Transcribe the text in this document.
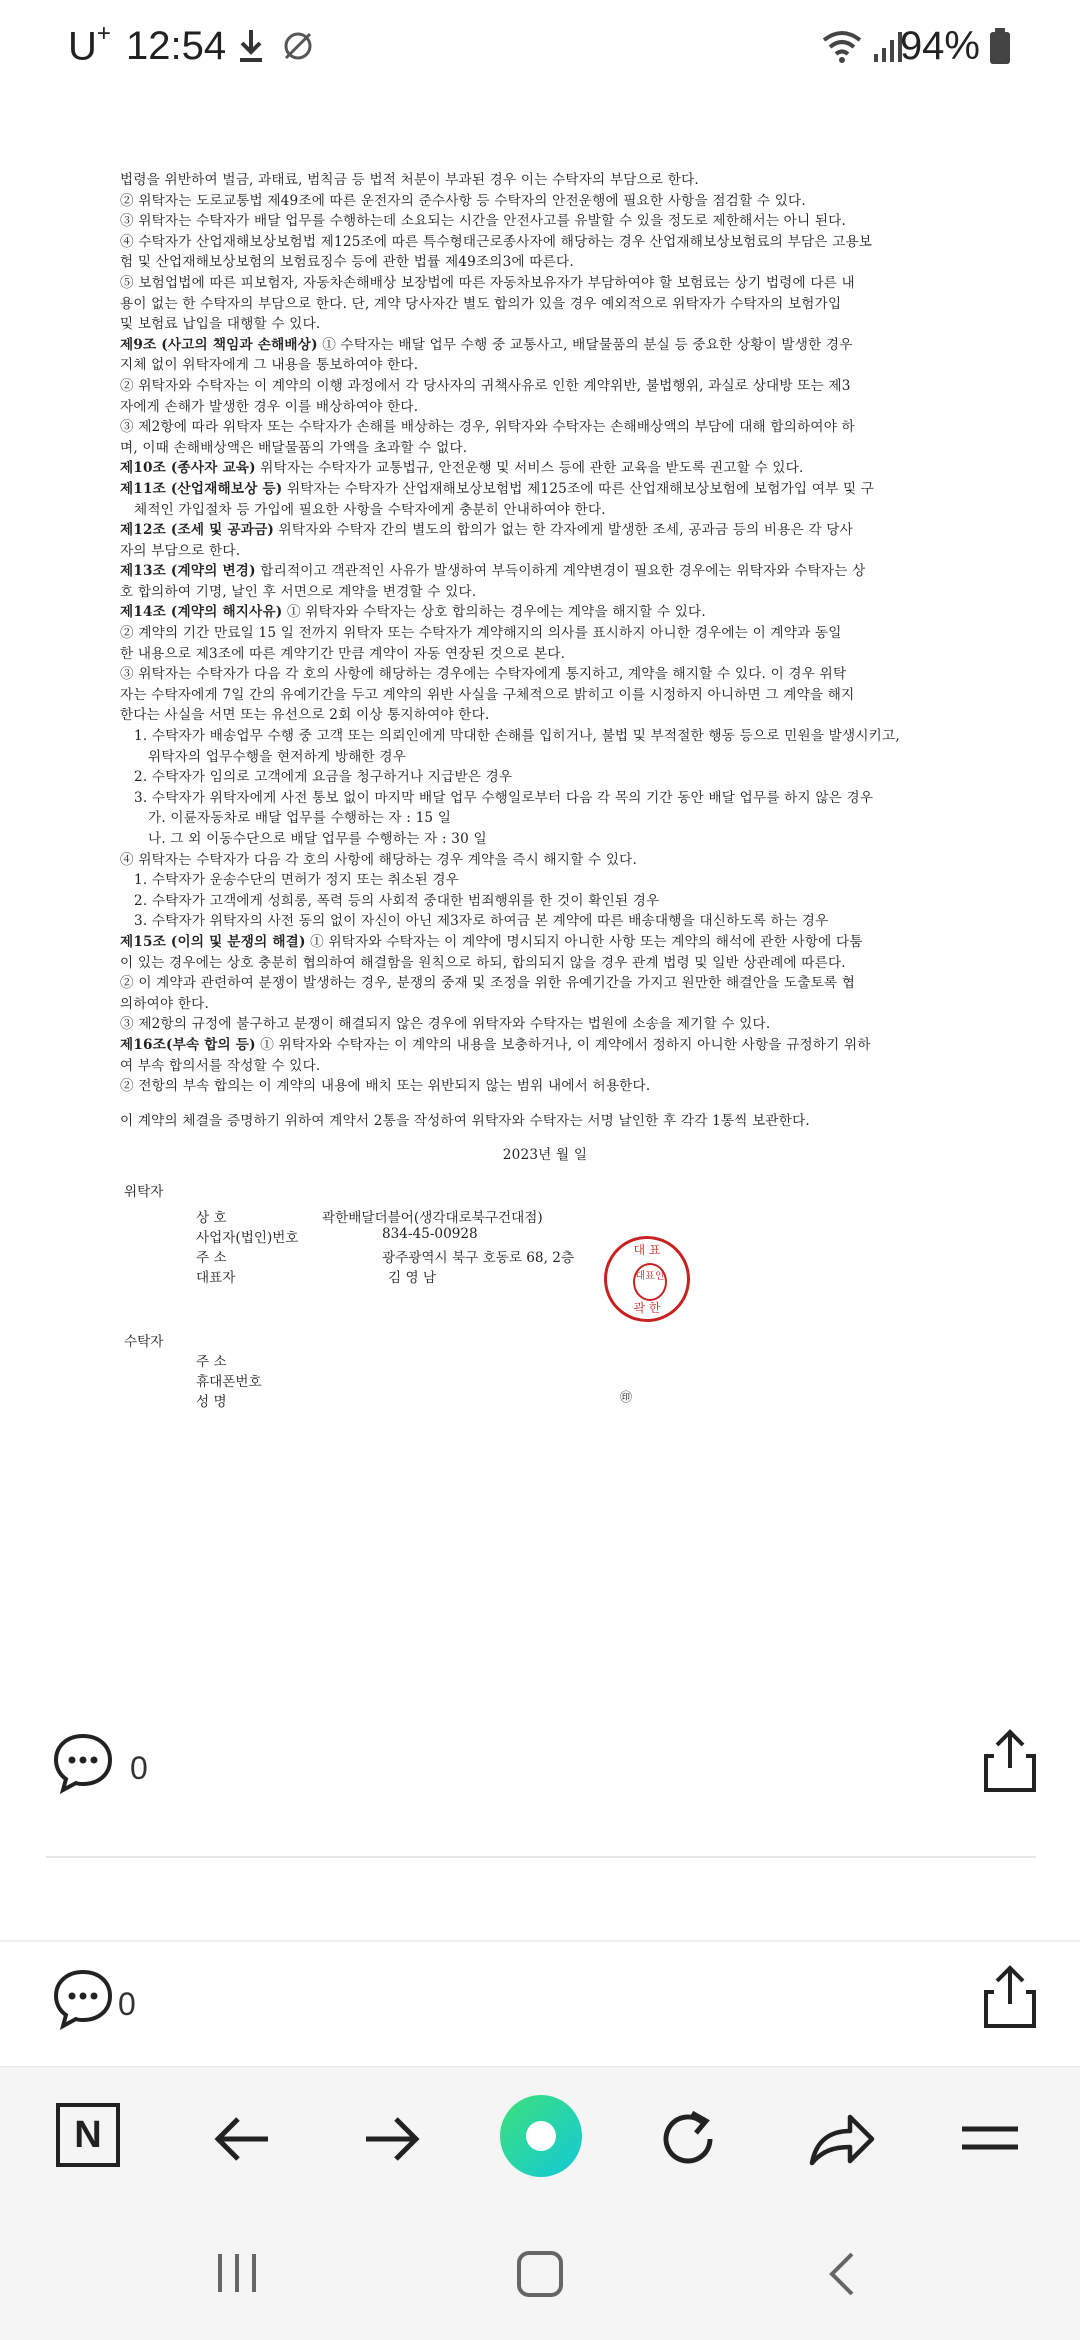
U+ 12:54	94%

법령을 위반하여 벌금, 과태료, 범칙금 등 법적 처분이 부과된 경우 이는 수탁자의 부담으로 한다.

② 위탁자는 도로교통법 제49조에 따른 운전자의 준수사항 등 수탁자의 안전운행에 필요한 사항을 점검할 수 있다.

③ 위탁자는 수탁자가 배달 업무를 수행하는데 소요되는 시간을 안전사고를 유발할 수 있을 정도로 제한해서는 아니 된다.

④ 수탁자가 산업재해보상보험법 제125조에 따른 특수형태근로종사자에 해당하는 경우 산업재해보상보험료의 부담은 고용보

험 및 산업재해보상보험의 보험료징수 등에 관한 법률 제49조의3에 따른다.

⑤ 보험업법에 따른 피보험자, 자동차손해배상 보장법에 따른 자동차보유자가 부담하여야 할 보험료는 상기 법령에 다른 내

용이 없는 한 수탁자의 부담으로 한다. 단, 계약 당사자간 별도 합의가 있을 경우 예외적으로 위탁자가 수탁자의 보험가입

및 보험료 납입을 대행할 수 있다.

제9조 (사고의 책임과 손해배상) ① 수탁자는 배달 업무 수행 중 교통사고, 배달물품의 분실 등 중요한 상황이 발생한 경우

지체 없이 위탁자에게 그 내용을 통보하여야 한다.

② 위탁자와 수탁자는 이 계약의 이행 과정에서 각 당사자의 귀책사유로 인한 계약위반, 불법행위, 과실로 상대방 또는 제3

자에게 손해가 발생한 경우 이를 배상하여야 한다.

③ 제2항에 따라 위탁자 또는 수탁자가 손해를 배상하는 경우, 위탁자와 수탁자는 손해배상액의 부담에 대해 합의하여야 하

며, 이때 손해배상액은 배달물품의 가액을 초과할 수 없다.

제10조 (종사자 교육) 위탁자는 수탁자가 교통법규, 안전운행 및 서비스 등에 관한 교육을 받도록 권고할 수 있다.

제11조 (산업재해보상 등) 위탁자는 수탁자가 산업재해보상보험법 제125조에 따른 산업재해보상보험에 보험가입 여부 및 구

체적인 가입절차 등 가입에 필요한 사항을 수탁자에게 충분히 안내하여야 한다.

제12조 (조세 및 공과금) 위탁자와 수탁자 간의 별도의 합의가 없는 한 각자에게 발생한 조세, 공과금 등의 비용은 각 당사

자의 부담으로 한다.

제13조 (계약의 변경) 합리적이고 객관적인 사유가 발생하여 부득이하게 계약변경이 필요한 경우에는 위탁자와 수탁자는 상

호 합의하여 기명, 날인 후 서면으로 계약을 변경할 수 있다.

제14조 (계약의 해지사유) ① 위탁자와 수탁자는 상호 합의하는 경우에는 계약을 해지할 수 있다.

② 계약의 기간 만료일 15 일 전까지 위탁자 또는 수탁자가 계약해지의 의사를 표시하지 아니한 경우에는 이 계약과 동일

한 내용으로 제3조에 따른 계약기간 만큼 계약이 자동 연장된 것으로 본다.

③ 위탁자는 수탁자가 다음 각 호의 사항에 해당하는 경우에는 수탁자에게 통지하고, 계약을 해지할 수 있다. 이 경우 위탁

자는 수탁자에게 7일 간의 유예기간을 두고 계약의 위반 사실을 구체적으로 밝히고 이를 시정하지 아니하면 그 계약을 해지

한다는 사실을 서면 또는 유선으로 2회 이상 통지하여야 한다.

1. 수탁자가 배송업무 수행 중 고객 또는 의뢰인에게 막대한 손해를 입히거나, 불법 및 부적절한 행동 등으로 민원을 발생시키고,

위탁자의 업무수행을 현저하게 방해한 경우

2. 수탁자가 임의로 고객에게 요금을 청구하거나 지급받은 경우

3. 수탁자가 위탁자에게 사전 통보 없이 마지막 배달 업무 수행일로부터 다음 각 목의 기간 동안 배달 업무를 하지 않은 경우

가. 이륜자동차로 배달 업무를 수행하는 자 : 15 일

나. 그 외 이동수단으로 배달 업무를 수행하는 자 : 30 일

④ 위탁자는 수탁자가 다음 각 호의 사항에 해당하는 경우 계약을 즉시 해지할 수 있다.

1. 수탁자가 운송수단의 면허가 정지 또는 취소된 경우

2. 수탁자가 고객에게 성희롱, 폭력 등의 사회적 중대한 범죄행위를 한 것이 확인된 경우

3. 수탁자가 위탁자의 사전 동의 없이 자신이 아닌 제3자로 하여금 본 계약에 따른 배송대행을 대신하도록 하는 경우

제15조 (이의 및 분쟁의 해결) ① 위탁자와 수탁자는 이 계약에 명시되지 아니한 사항 또는 계약의 해석에 관한 사항에 다툼

이 있는 경우에는 상호 충분히 협의하여 해결함을 원칙으로 하되, 합의되지 않을 경우 관계 법령 및 일반 상관례에 따른다.

② 이 계약과 관련하여 분쟁이 발생하는 경우, 분쟁의 중재 및 조정을 위한 유예기간을 가지고 원만한 해결안을 도출토록 협

의하여야 한다.

③ 제2항의 규정에 불구하고 분쟁이 해결되지 않은 경우에 위탁자와 수탁자는 법원에 소송을 제기할 수 있다.

제16조(부속 합의 등) ① 위탁자와 수탁자는 이 계약의 내용을 보충하거나, 이 계약에서 정하지 아니한 사항을 규정하기 위하

여 부속 합의서를 작성할 수 있다.

② 전항의 부속 합의는 이 계약의 내용에 배치 또는 위반되지 않는 범위 내에서 허용한다.

이 계약의 체결을 증명하기 위하여 계약서 2통을 작성하여 위탁자와 수탁자는 서명 날인한 후 각각 1통씩 보관한다.

2023년 월 일

위탁자
상 호	곽한배달더블어(생각대로북구건대점)
사업자(법인)번호	834-45-00928
주 소	광주광역시 북구 호동로 68, 2층
대표자	김 영 남
대 표
대표인
곽 한
수탁자
주 소
휴대폰번호
성 명	㊞
0
0
N
